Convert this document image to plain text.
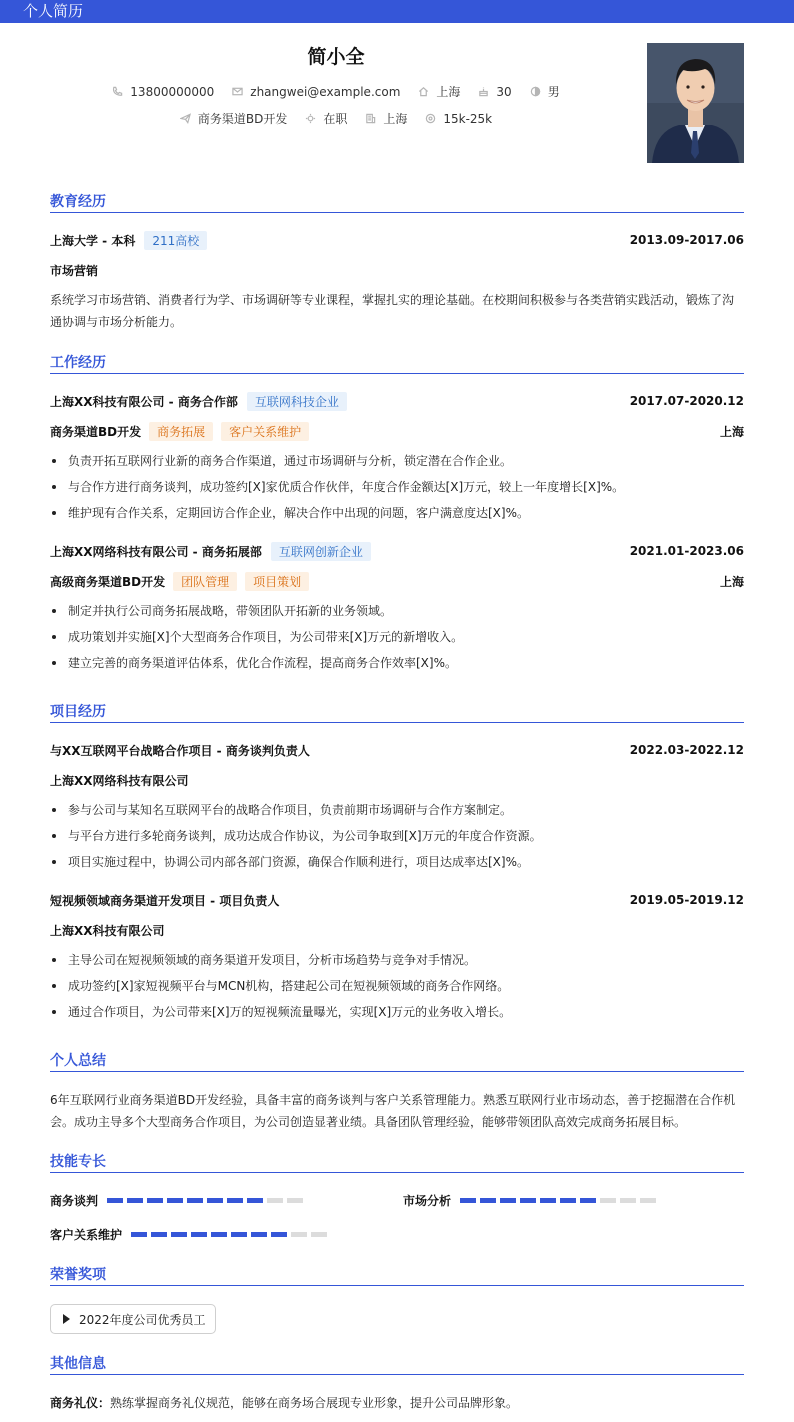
个人简历
简小全
13800000000	zhangwei@example.com	上海	30	男
商务渠道BD开发	在职	上海	15k-25k
教育经历
上海大学 - 本科	211高校	2013.09-2017.06
市场营销
系统学习市场营销、消费者行为学、市场调研等专业课程，掌握扎实的理论基础。在校期间积极参与各类营销实践活动，锻炼了沟通协调与市场分析能力。
工作经历
上海XX科技有限公司 - 商务合作部	互联网科技企业	2017.07-2020.12
商务渠道BD开发	商务拓展	客户关系维护	上海
负责开拓互联网行业新的商务合作渠道，通过市场调研与分析，锁定潜在合作企业。
与合作方进行商务谈判，成功签约[X]家优质合作伙伴，年度合作金额达[X]万元，较上一年度增长[X]%。
维护现有合作关系，定期回访合作企业，解决合作中出现的问题，客户满意度达[X]%。
上海XX网络科技有限公司 - 商务拓展部	互联网创新企业	2021.01-2023.06
高级商务渠道BD开发	团队管理	项目策划	上海
制定并执行公司商务拓展战略，带领团队开拓新的业务领域。
成功策划并实施[X]个大型商务合作项目，为公司带来[X]万元的新增收入。
建立完善的商务渠道评估体系，优化合作流程，提高商务合作效率[X]%。
项目经历
与XX互联网平台战略合作项目 - 商务谈判负责人	2022.03-2022.12
上海XX网络科技有限公司
参与公司与某知名互联网平台的战略合作项目，负责前期市场调研与合作方案制定。
与平台方进行多轮商务谈判，成功达成合作协议，为公司争取到[X]万元的年度合作资源。
项目实施过程中，协调公司内部各部门资源，确保合作顺利进行，项目达成率达[X]%。
短视频领域商务渠道开发项目 - 项目负责人	2019.05-2019.12
上海XX科技有限公司
主导公司在短视频领域的商务渠道开发项目，分析市场趋势与竞争对手情况。
成功签约[X]家短视频平台与MCN机构，搭建起公司在短视频领域的商务合作网络。
通过合作项目，为公司带来[X]万的短视频流量曝光，实现[X]万元的业务收入增长。
个人总结
6年互联网行业商务渠道BD开发经验，具备丰富的商务谈判与客户关系管理能力。熟悉互联网行业市场动态，善于挖掘潜在合作机会。成功主导多个大型商务合作项目，为公司创造显著业绩。具备团队管理经验，能够带领团队高效完成商务拓展目标。
技能专长
商务谈判	市场分析
客户关系维护
荣誉奖项
2022年度公司优秀员工
其他信息
商务礼仪： 熟练掌握商务礼仪规范，能够在商务场合展现专业形象，提升公司品牌形象。
